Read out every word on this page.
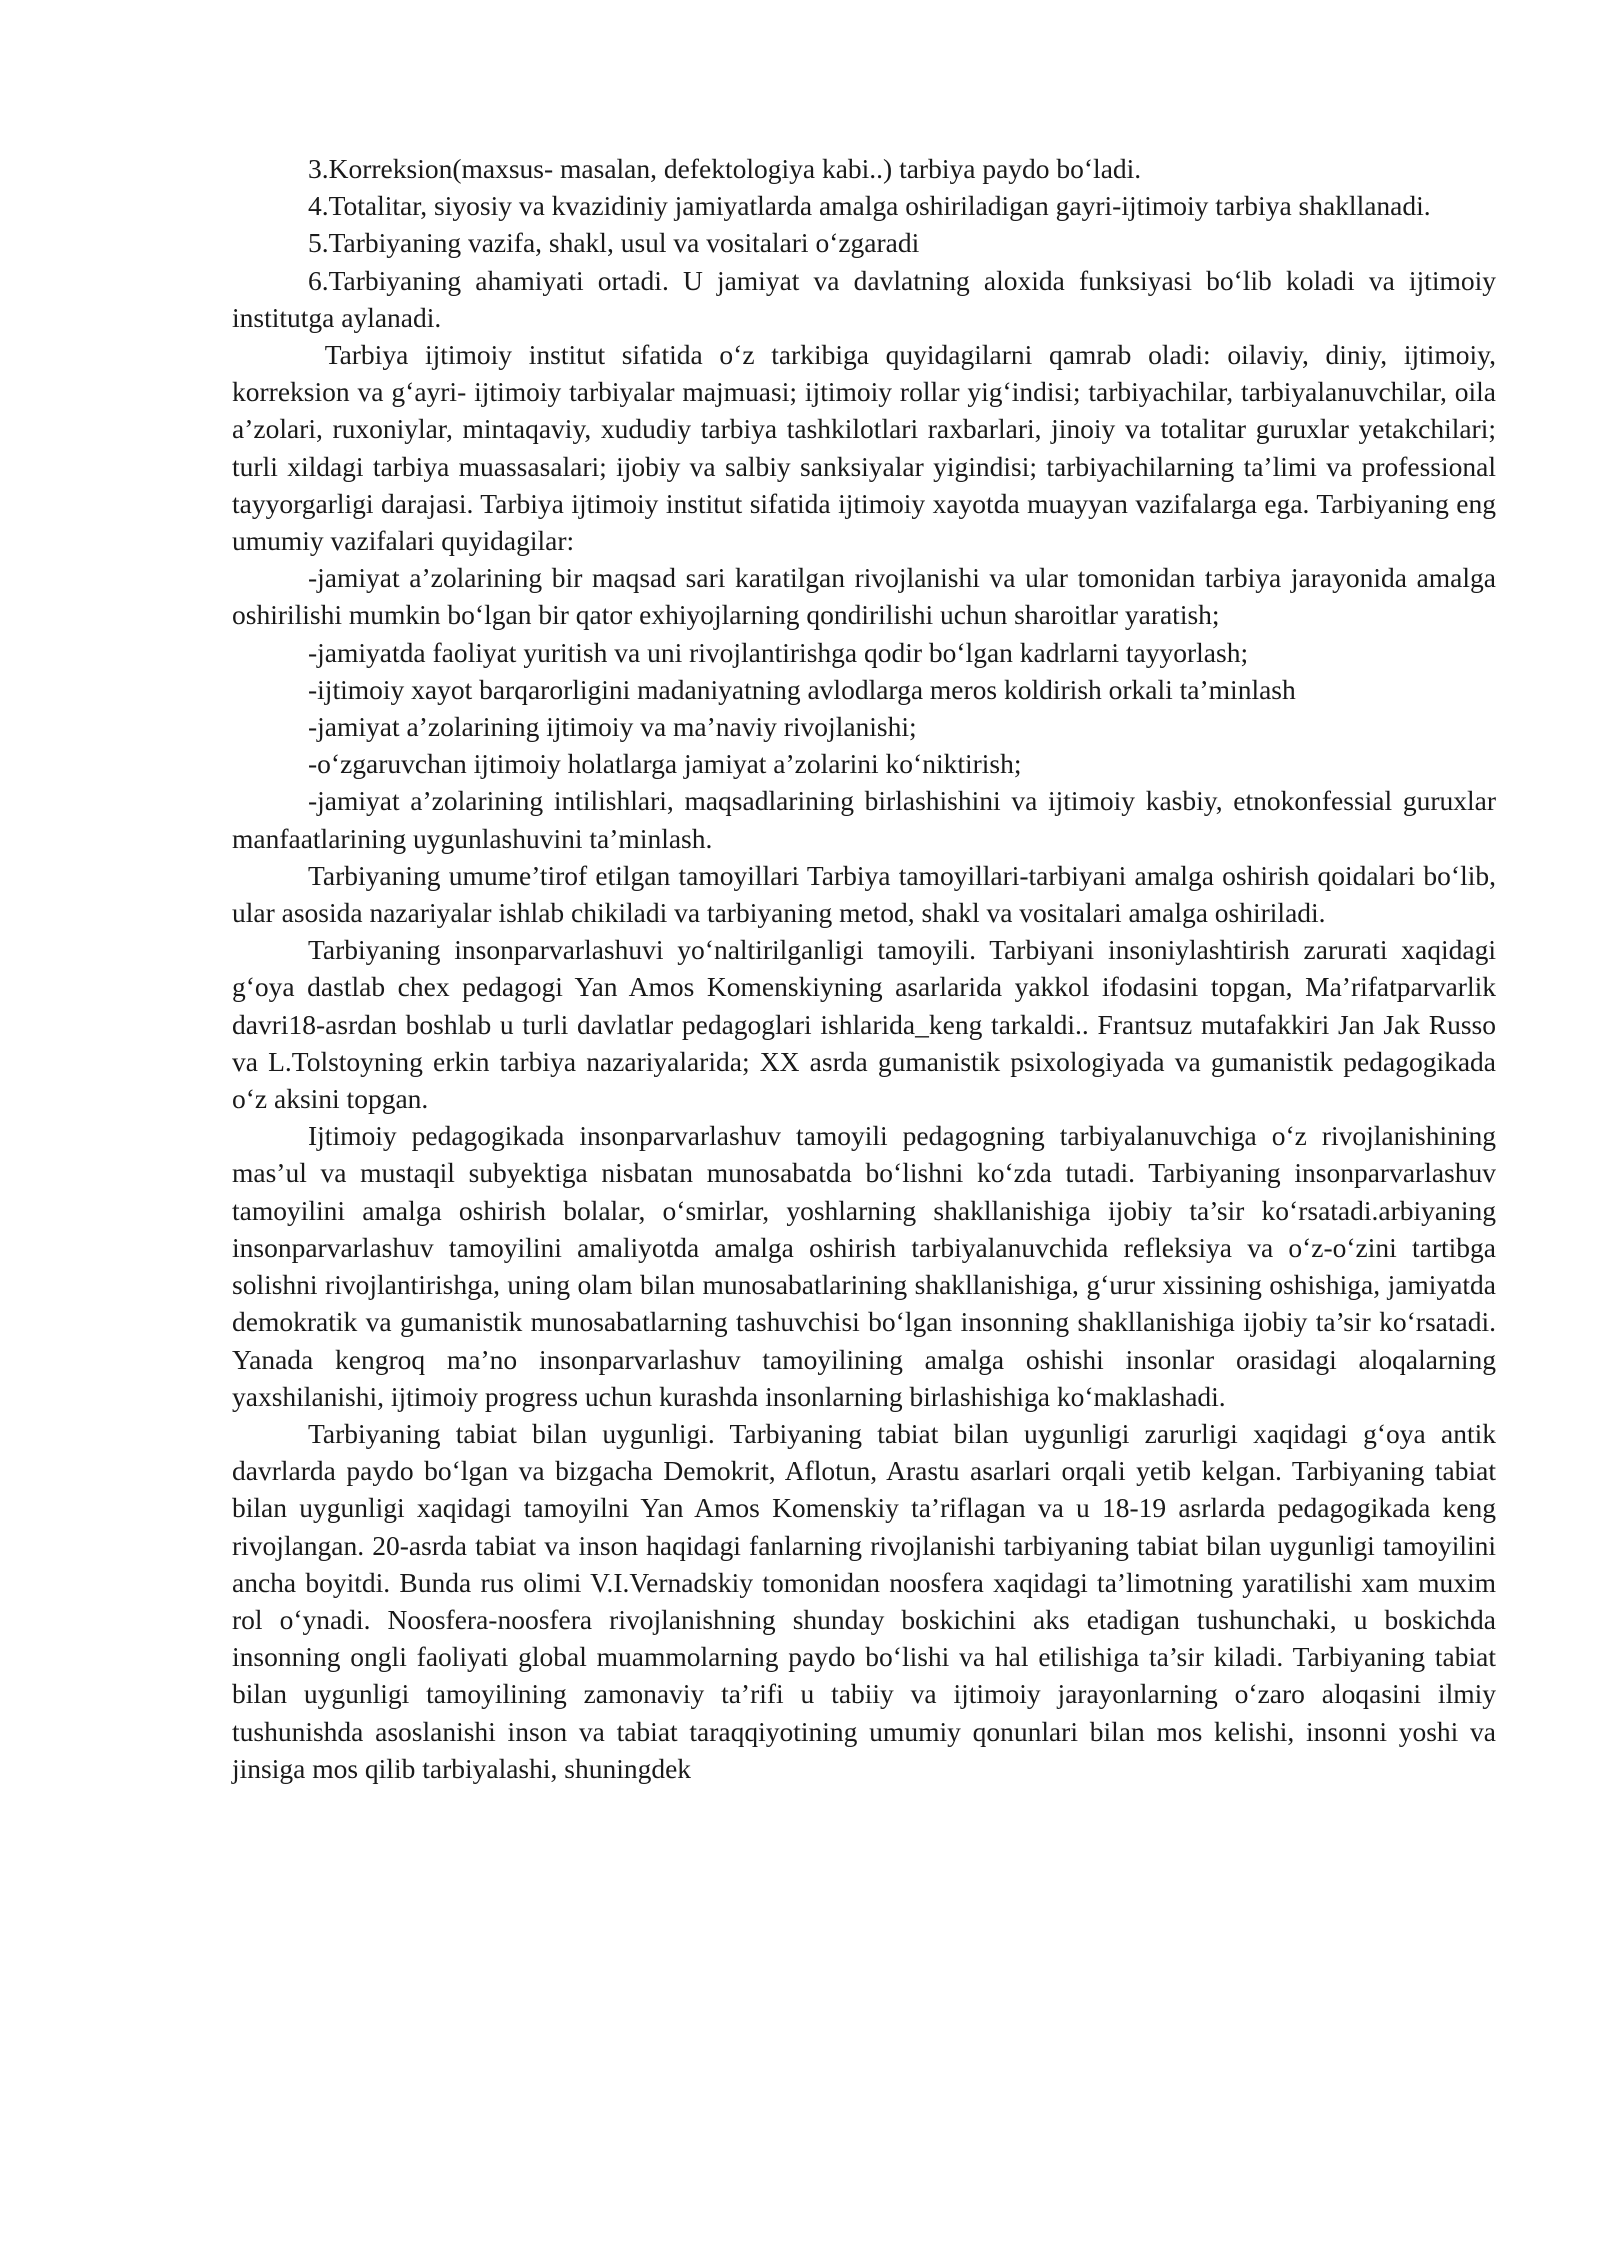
3.Korreksion(maxsus- masalan, defektologiya kabi..) tarbiya paydo bo‘ladi.

4.Totalitar, siyosiy va kvazidiniy jamiyatlarda amalga oshiriladigan gayri-ijtimoiy tarbiya shakllanadi.

5.Tarbiyaning vazifa, shakl, usul va vositalari o‘zgaradi

6.Tarbiyaning ahamiyati ortadi. U jamiyat va davlatning aloxida funksiyasi bo‘lib koladi va ijtimoiy institutga aylanadi.

Tarbiya ijtimoiy institut sifatida o‘z tarkibiga quyidagilarni qamrab oladi: oilaviy, diniy, ijtimoiy, korreksion va g‘ayri- ijtimoiy tarbiyalar majmuasi; ijtimoiy rollar yig‘indisi; tarbiyachilar, tarbiyalanuvchilar, oila a’zolari, ruxoniylar, mintaqaviy, xududiy tarbiya tashkilotlari raxbarlari, jinoiy va totalitar guruxlar yetakchilari; turli xildagi tarbiya muassasalari; ijobiy va salbiy sanksiyalar yigindisi; tarbiyachilarning ta’limi va professional tayyorgarligi darajasi. Tarbiya ijtimoiy institut sifatida ijtimoiy xayotda muayyan vazifalarga ega. Tarbiyaning eng umumiy vazifalari quyidagilar:

-jamiyat a’zolarining bir maqsad sari karatilgan rivojlanishi va ular tomonidan tarbiya jarayonida amalga oshirilishi mumkin bo‘lgan bir qator exhiyojlarning qondirilishi uchun sharoitlar yaratish;

-jamiyatda faoliyat yuritish va uni rivojlantirishga qodir bo‘lgan kadrlarni tayyorlash;

-ijtimoiy xayot barqarorligini madaniyatning avlodlarga meros koldirish orkali ta’minlash

-jamiyat a’zolarining ijtimoiy va ma’naviy rivojlanishi;

-o‘zgaruvchan ijtimoiy holatlarga jamiyat a’zolarini ko‘niktirish;

-jamiyat a’zolarining intilishlari, maqsadlarining birlashishini va ijtimoiy kasbiy, etnokonfessial guruxlar manfaatlarining uygunlashuvini ta’minlash.

Tarbiyaning umume’tirof etilgan tamoyillari Tarbiya tamoyillari-tarbiyani amalga oshirish qoidalari bo‘lib, ular asosida nazariyalar ishlab chikiladi va tarbiyaning metod, shakl va vositalari amalga oshiriladi.

Tarbiyaning insonparvarlashuvi yo‘naltirilganligi tamoyili. Tarbiyani insoniylashtirish zarurati xaqidagi g‘oya dastlab chex pedagogi Yan Amos Komenskiyning asarlarida yakkol ifodasini topgan, Ma’rifatparvarlik davri18-asrdan boshlab u turli davlatlar pedagoglari ishlarida_keng tarkaldi.. Frantsuz mutafakkiri Jan Jak Russo va L.Tolstoyning erkin tarbiya nazariyalarida; XX asrda gumanistik psixologiyada va gumanistik pedagogikada o‘z aksini topgan.

Ijtimoiy pedagogikada insonparvarlashuv tamoyili pedagogning tarbiyalanuvchiga o‘z rivojlanishining mas’ul va mustaqil subyektiga nisbatan munosabatda bo‘lishni ko‘zda tutadi. Tarbiyaning insonparvarlashuv tamoyilini amalga oshirish bolalar, o‘smirlar, yoshlarning shakllanishiga ijobiy ta’sir ko‘rsatadi.arbiyaning insonparvarlashuv tamoyilini amaliyotda amalga oshirish tarbiyalanuvchida refleksiya va o‘z-o‘zini tartibga solishni rivojlantirishga, uning olam bilan munosabatlarining shakllanishiga, g‘urur xissining oshishiga, jamiyatda demokratik va gumanistik munosabatlarning tashuvchisi bo‘lgan insonning shakllanishiga ijobiy ta’sir ko‘rsatadi. Yanada kengroq ma’no insonparvarlashuv tamoyilining amalga oshishi insonlar orasidagi aloqalarning yaxshilanishi, ijtimoiy progress uchun kurashda insonlarning birlashishiga ko‘maklashadi.

Tarbiyaning tabiat bilan uygunligi. Tarbiyaning tabiat bilan uygunligi zarurligi xaqidagi g‘oya antik davrlarda paydo bo‘lgan va bizgacha Demokrit, Aflotun, Arastu asarlari orqali yetib kelgan. Tarbiyaning tabiat bilan uygunligi xaqidagi tamoyilni Yan Amos Komenskiy ta’riflagan va u 18-19 asrlarda pedagogikada keng rivojlangan. 20-asrda tabiat va inson haqidagi fanlarning rivojlanishi tarbiyaning tabiat bilan uygunligi tamoyilini ancha boyitdi. Bunda rus olimi V.I.Vernadskiy tomonidan noosfera xaqidagi ta’limotning yaratilishi xam muxim rol o‘ynadi. Noosfera-noosfera rivojlanishning shunday boskichini aks etadigan tushunchaki, u boskichda insonning ongli faoliyati global muammolarning paydo bo‘lishi va hal etilishiga ta’sir kiladi. Tarbiyaning tabiat bilan uygunligi tamoyilining zamonaviy ta’rifi u tabiiy va ijtimoiy jarayonlarning o‘zaro aloqasini ilmiy tushunishda asoslanishi inson va tabiat taraqqiyotining umumiy qonunlari bilan mos kelishi, insonni yoshi va jinsiga mos qilib tarbiyalashi, shuningdek
